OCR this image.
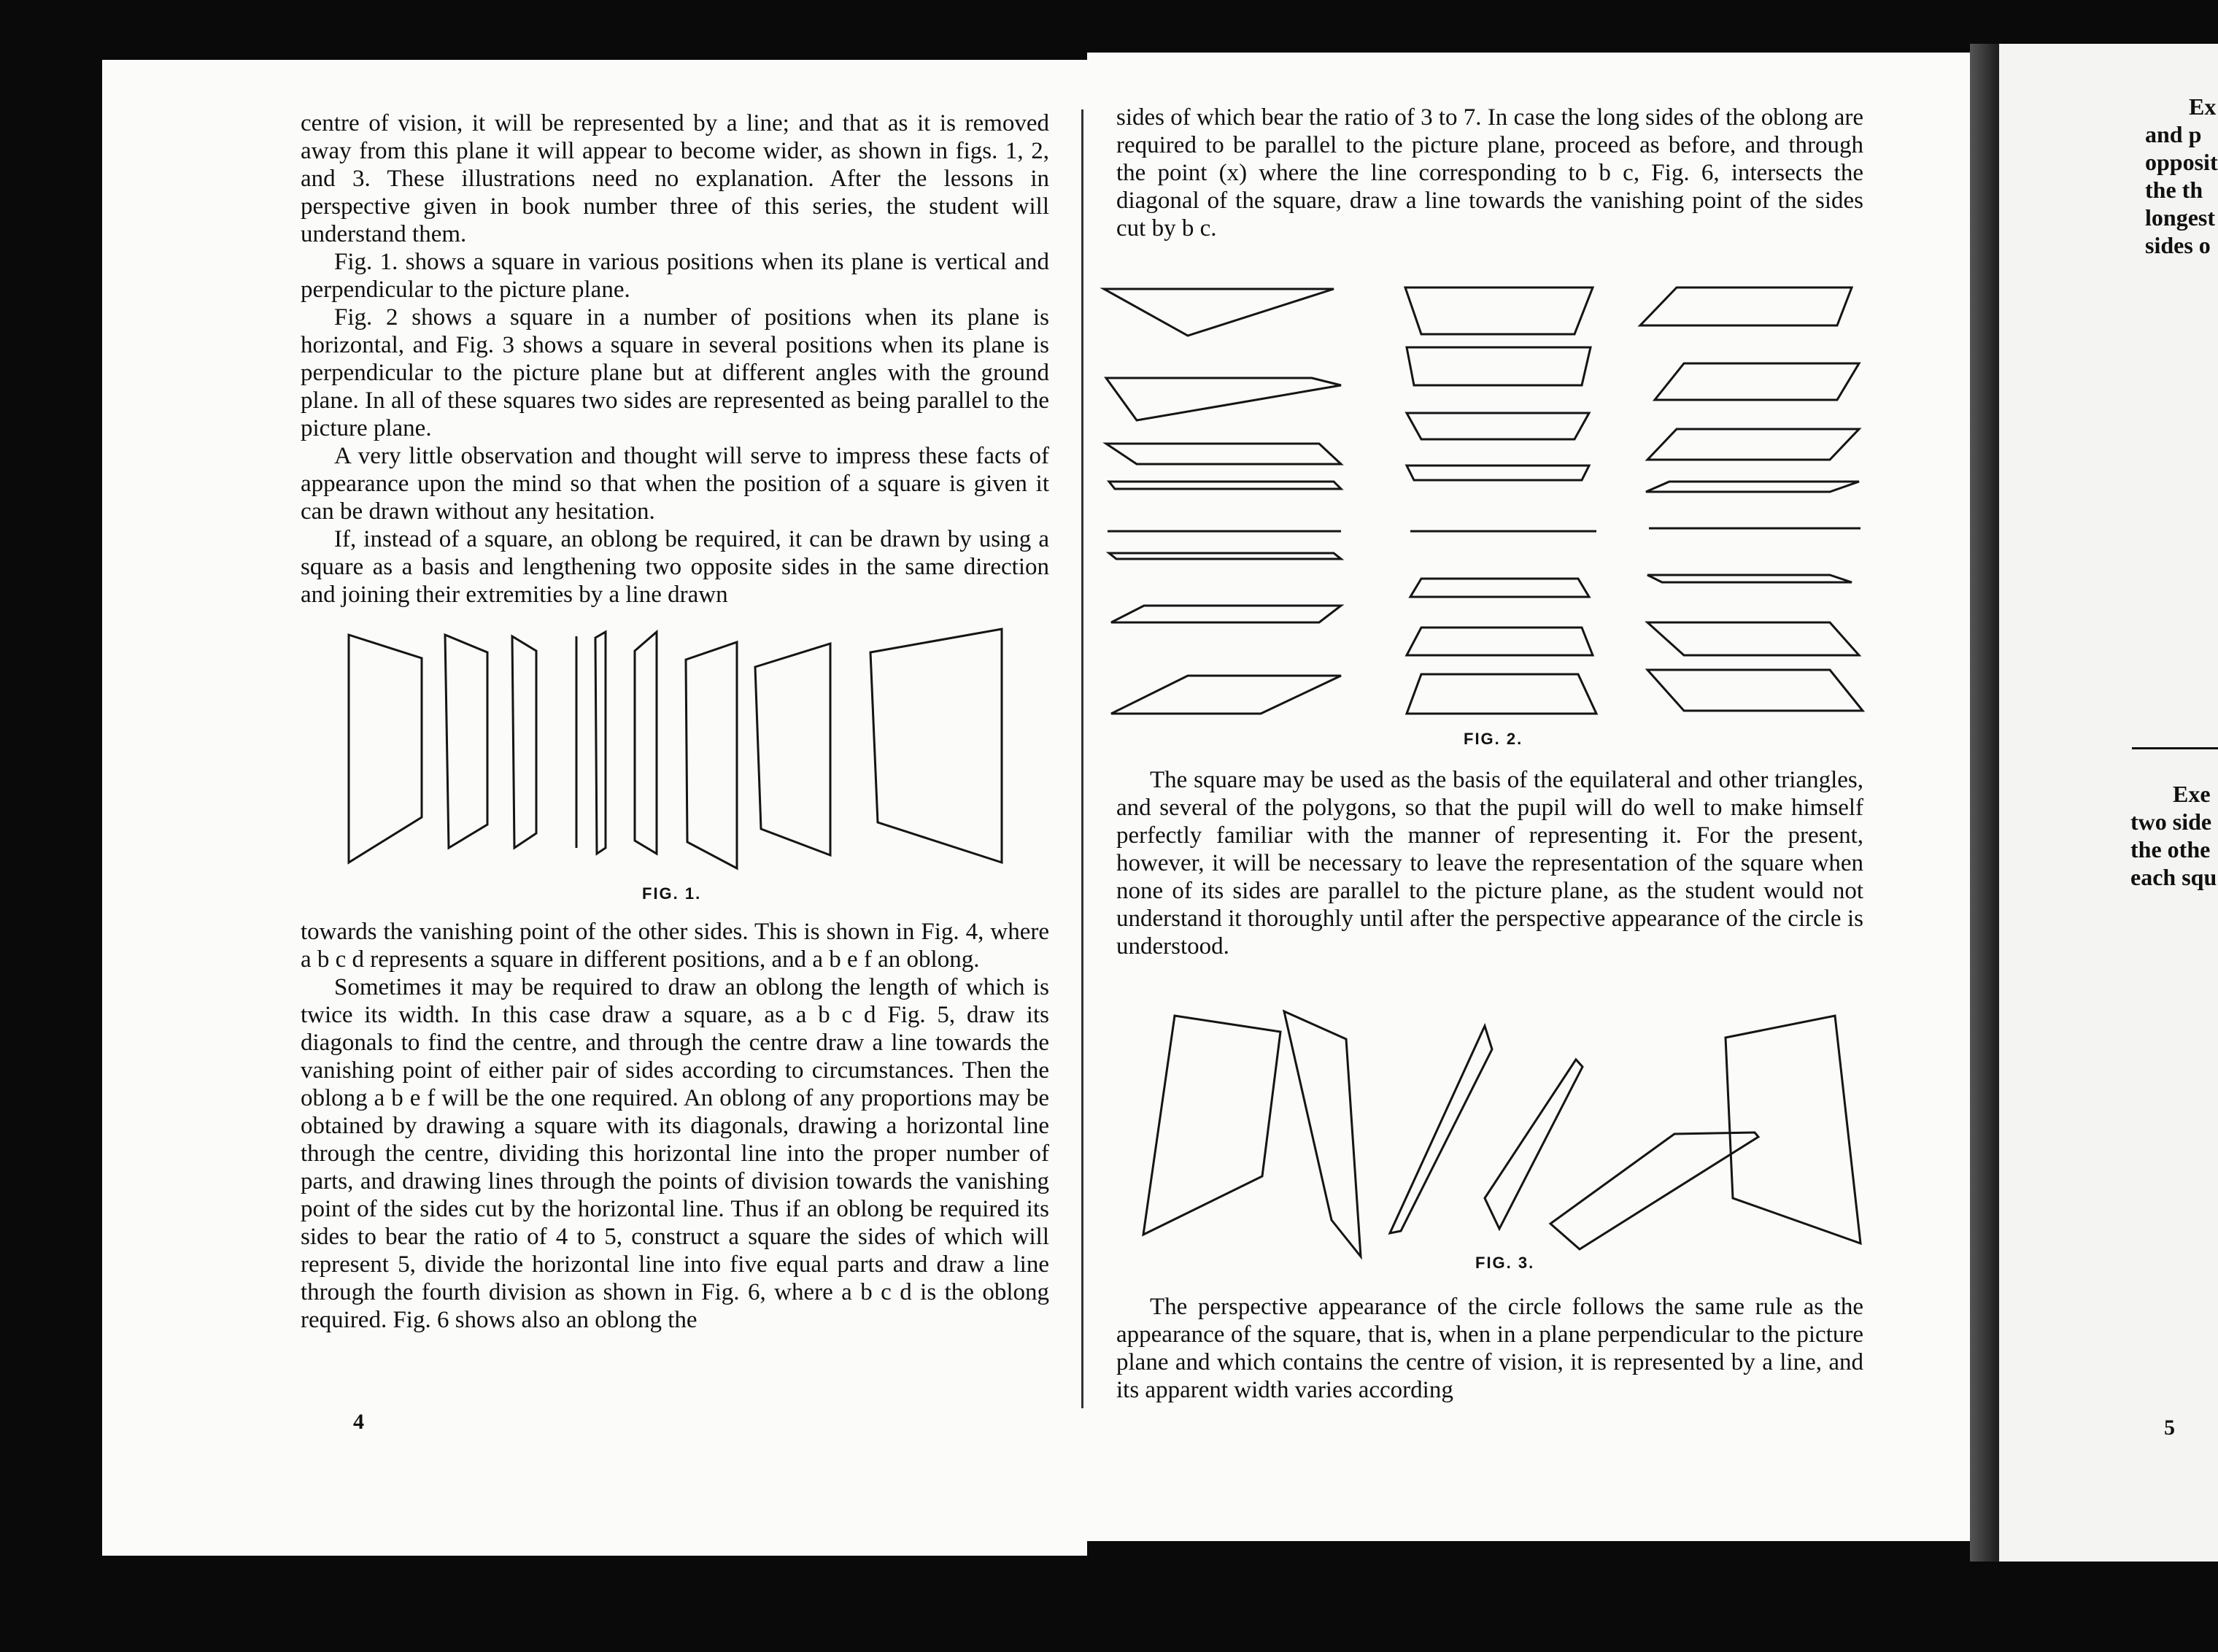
centre of vision, it will be represented by a line; and that as it is removed away from this plane it will appear to become wider, as shown in figs. 1, 2, and 3. These illustrations need no explanation. After the lessons in perspective given in book number three of this series, the student will understand them.

Fig. 1. shows a square in various positions when its plane is vertical and perpendicular to the picture plane.

Fig. 2 shows a square in a number of positions when its plane is horizontal, and Fig. 3 shows a square in several positions when its plane is perpendicular to the picture plane but at different angles with the ground plane. In all of these squares two sides are represented as being parallel to the picture plane.

A very little observation and thought will serve to impress these facts of appearance upon the mind so that when the position of a square is given it can be drawn without any hesitation.

If, instead of a square, an oblong be required, it can be drawn by using a square as a basis and lengthening two opposite sides in the same direction and joining their extremities by a line drawn

FIG. 1.

towards the vanishing point of the other sides. This is shown in Fig. 4, where a b c d represents a square in different positions, and a b e f an oblong.

Sometimes it may be required to draw an oblong the length of which is twice its width. In this case draw a square, as a b c d Fig. 5, draw its diagonals to find the centre, and through the centre draw a line towards the vanishing point of either pair of sides according to circumstances. Then the oblong a b e f will be the one required. An oblong of any proportions may be obtained by drawing a square with its diagonals, drawing a horizontal line through the centre, dividing this horizontal line into the proper number of parts, and drawing lines through the points of division towards the vanishing point of the sides cut by the horizontal line. Thus if an oblong be required its sides to bear the ratio of 4 to 5, construct a square the sides of which will represent 5, divide the horizontal line into five equal parts and draw a line through the fourth division as shown in Fig. 6, where a b c d is the oblong required. Fig. 6 shows also an oblong the

4

sides of which bear the ratio of 3 to 7. In case the long sides of the oblong are required to be parallel to the picture plane, proceed as before, and through the point (x) where the line corresponding to b c, Fig. 6, intersects the diagonal of the square, draw a line towards the vanishing point of the sides cut by b c.

FIG. 2.

The square may be used as the basis of the equilateral and other triangles, and several of the polygons, so that the pupil will do well to make himself perfectly familiar with the manner of representing it. For the present, however, it will be necessary to leave the representation of the square when none of its sides are parallel to the picture plane, as the student would not understand it thoroughly until after the perspective appearance of the circle is understood.

FIG. 3.

The perspective appearance of the circle follows the same rule as the appearance of the square, that is, when in a plane perpendicular to the picture plane and which contains the centre of vision, it is represented by a line, and its apparent width varies according

Ex
and p
opposit
the th
longest
sides o
Exe
two side
the othe
each squ
5
